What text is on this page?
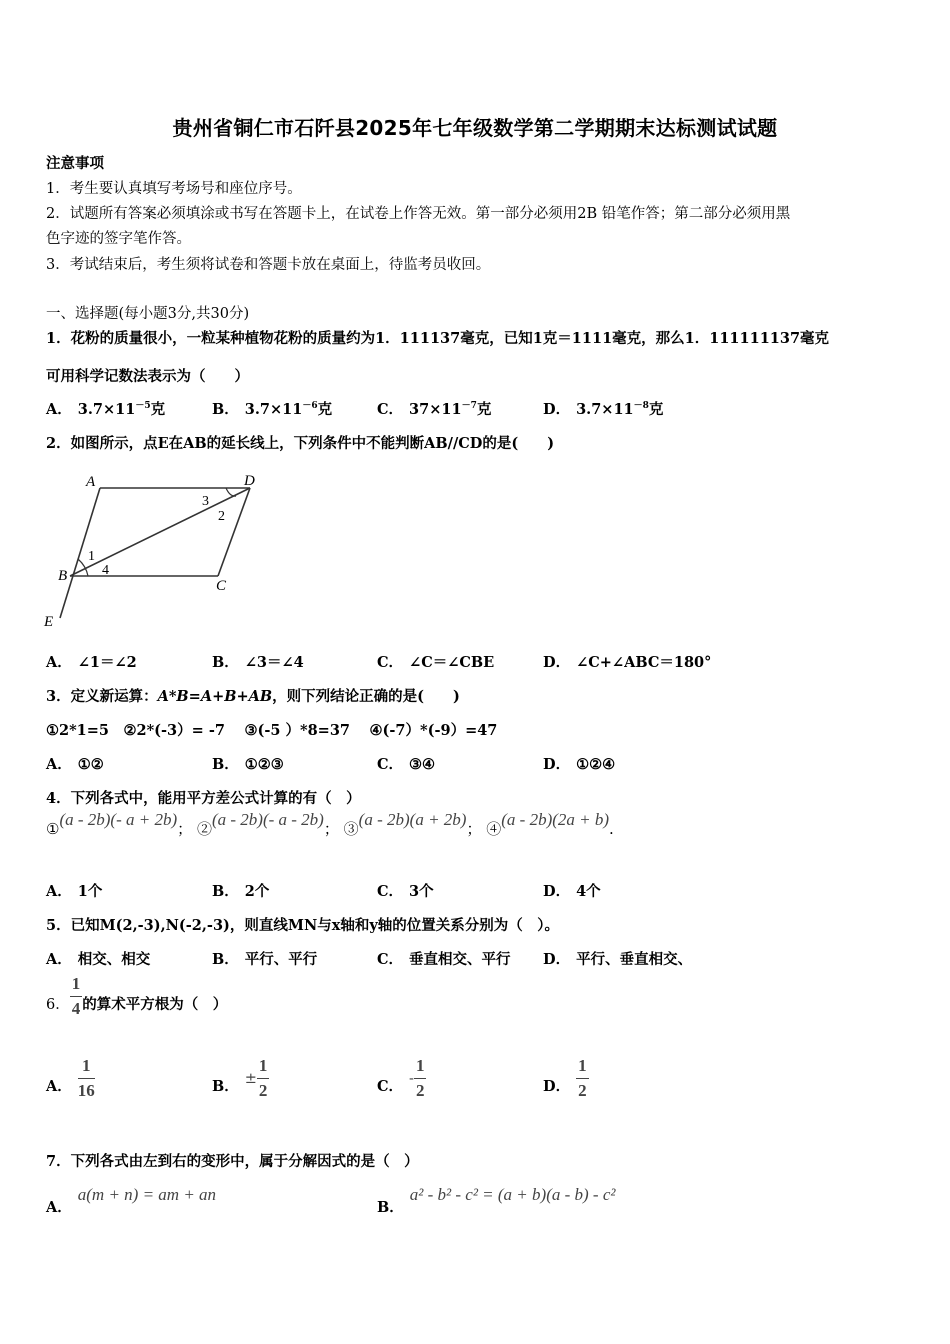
贵州省铜仁市石阡县2025年七年级数学第二学期期末达标测试试题
注意事项
1．考生要认真填写考场号和座位序号。
2．试题所有答案必须填涂或书写在答题卡上，在试卷上作答无效。第一部分必须用2B 铅笔作答；第二部分必须用黑
色字迹的签字笔作答。
3．考试结束后，考生须将试卷和答题卡放在桌面上，待监考员收回。
一、选择题(每小题3分,共30分)
1．花粉的质量很小，一粒某种植物花粉的质量约为1．111137毫克，已知1克＝1111毫克，那么1．111111137毫克
可用科学记数法表示为（　　）
A． $3.7\times 11^{-5}$克	B． $3.7\times 11^{-6}$克	C． $37\times 11^{-7}$克	D． $3.7\times 11^{-8}$克
2．如图所示，点E在AB的延长线上，下列条件中不能判断AB//CD的是(　　)
A	D
B
C
E
1
2
3
4
A． ∠1＝∠2	B． ∠3＝∠4	C． ∠C＝∠CBE	D． ∠C+∠ABC＝180°
3．定义新运算：A*B=A+B+AB，则下列结论正确的是(　　)
①2*1=5　②2*(-3）= -7　 ③(-5 ）*8=37　 ④(-7）*(-9）=47
A． ①②	B． ①②③	C． ③④	D． ①②④
4．下列各式中，能用平方差公式计算的有（　）
①(a - 2b)(- a + 2b)； ②(a - 2b)(- a - 2b)； ③(a - 2b)(a + 2b)； ④(a - 2b)(2a + b).
A． 1个	B． 2个	C． 3个	D． 4个
5．已知M(2,-3),N(-2,-3)，则直线MN与x轴和y轴的位置关系分别为（　）。
A． 相交、相交	B． 平行、平行	C． 垂直相交、平行 D． 平行、垂直相交、
6． $\frac{1}{4}$ 的算术平方根为（　）
A． $\frac{1}{16}$	B． ± $\frac{1}{2}$	C． - $\frac{1}{2}$	D． $\frac{1}{2}$
7．下列各式由左到右的变形中，属于分解因式的是（　）
A．a(m + n) = am + an
B．a² - b² - c² = (a + b)(a - b) - c²
